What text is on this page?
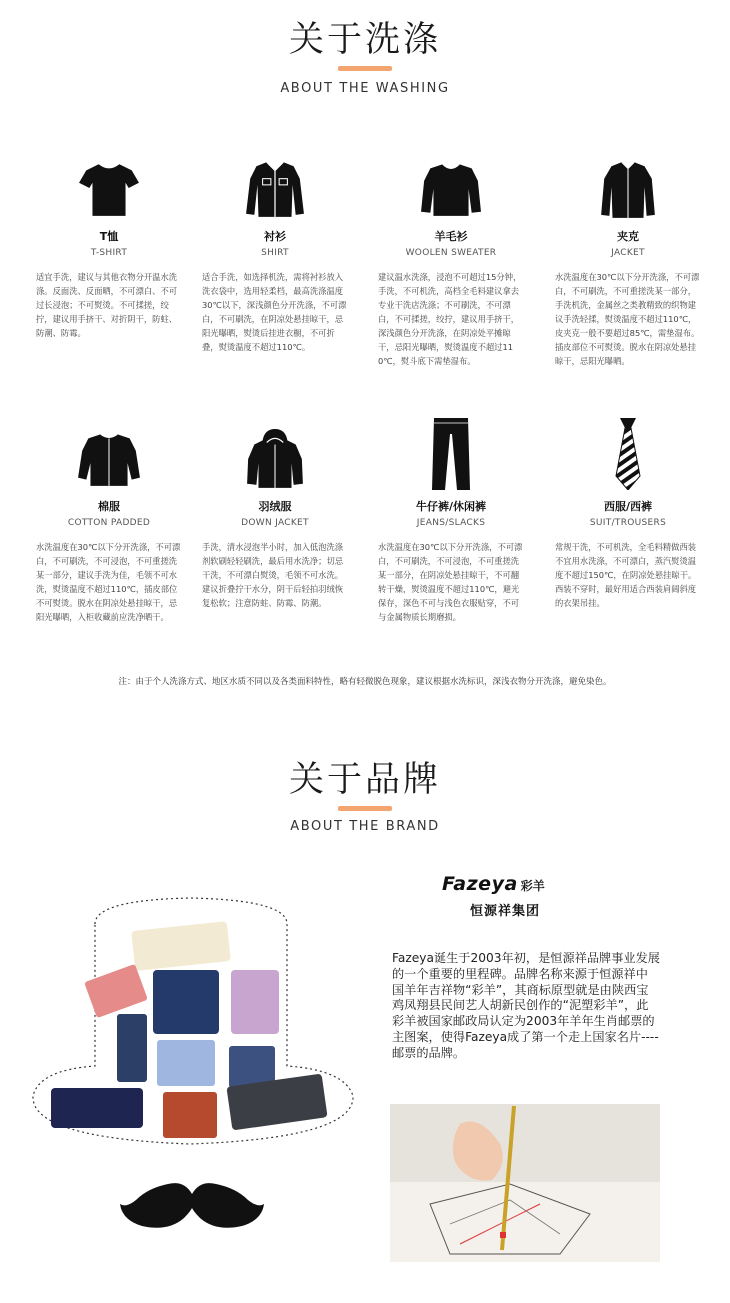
关于洗涤
ABOUT THE WASHING
T恤
T-SHIRT
适宜手洗，建议与其他衣物分开温水洗涤。反面洗、反面晒，不可漂白、不可过长浸泡；不可熨烫。不可揉搓，绞拧，建议用手挤干、对折阴干，防蛀、防潮、防霉。
衬衫
SHIRT
适合手洗，如选择机洗，需将衬衫放入洗衣袋中，选用轻柔档，最高洗涤温度30℃以下，深浅颜色分开洗涤，不可漂白，不可刷洗，在阴凉处悬挂晾干，忌阳光曝晒，熨烫后挂进衣橱，不可折叠，熨烫温度不超过110℃。
羊毛衫
WOOLEN SWEATER
建议温水洗涤，浸泡不可超过15分钟，手洗，不可机洗，高档全毛料建议拿去专业干洗店洗涤；不可刷洗，不可漂白，不可揉搓，绞拧，建议用手挤干，深浅颜色分开洗涤，在阴凉处平摊晾干，忌阳光曝晒，熨烫温度不超过110℃，熨斗底下需垫湿布。
夹克
JACKET
水洗温度在30℃以下分开洗涤，不可漂白，不可刷洗，不可重搓洗某一部分，手洗机洗，金属丝之类教精致的织物建议手洗轻揉，熨烫温度不超过110℃，皮夹克一般不要超过85℃，需垫湿布。插皮部位不可熨烫。脱水在阴凉处悬挂晾干，忌阳光曝晒。
棉服
COTTON PADDED
水洗温度在30℃以下分开洗涤，不可漂白，不可刷洗，不可浸泡，不可重搓洗某一部分，建议手洗为佳，毛领不可水洗，熨烫温度不超过110℃，插皮部位不可熨烫。脱水在阴凉处悬挂晾干，忌阳光曝晒，入柜收藏前应洗净晒干。
羽绒服
DOWN JACKET
手洗，清水浸泡半小时，加入低泡洗涤剂软刷轻轻刷洗，最后用水洗净；切忌干洗，不可漂白熨烫，毛领不可水洗。建议折叠拧干水分，阴干后轻拍羽绒恢复松软；注意防蛀、防霉、防潮。
牛仔裤/休闲裤
JEANS/SLACKS
水洗温度在30℃以下分开洗涤，不可漂白，不可刷洗，不可浸泡，不可重搓洗某一部分，在阴凉处悬挂晾干，不可翻转干燥，熨烫温度不超过110℃，避光保存，深色不可与浅色衣服贴穿，不可与金属物质长期磨损。
西服/西裤
SUIT/TROUSERS
常规干洗，不可机洗，全毛料精做西装不宜用水洗涤，不可漂白，蒸汽熨烫温度不超过150℃，在阴凉处悬挂晾干。西装不穿时，最好用适合西装肩阔斜度的衣架吊挂。
注：由于个人洗涤方式、地区水质不同以及各类面料特性，略有轻微脱色现象，建议根据水洗标识，深浅衣物分开洗涤，避免染色。
关于品牌
ABOUT THE BRAND
Fazeya 彩羊
恒源祥集团
Fazeya诞生于2003年初，是恒源祥品牌事业发展的一个重要的里程碑。品牌名称来源于恒源祥中国羊年吉祥物“彩羊”，其商标原型就是由陕西宝鸡凤翔县民间艺人胡新民创作的“泥塑彩羊”，此彩羊被国家邮政局认定为2003年羊年生肖邮票的主图案，使得Fazeya成了第一个走上国家名片----邮票的品牌。
